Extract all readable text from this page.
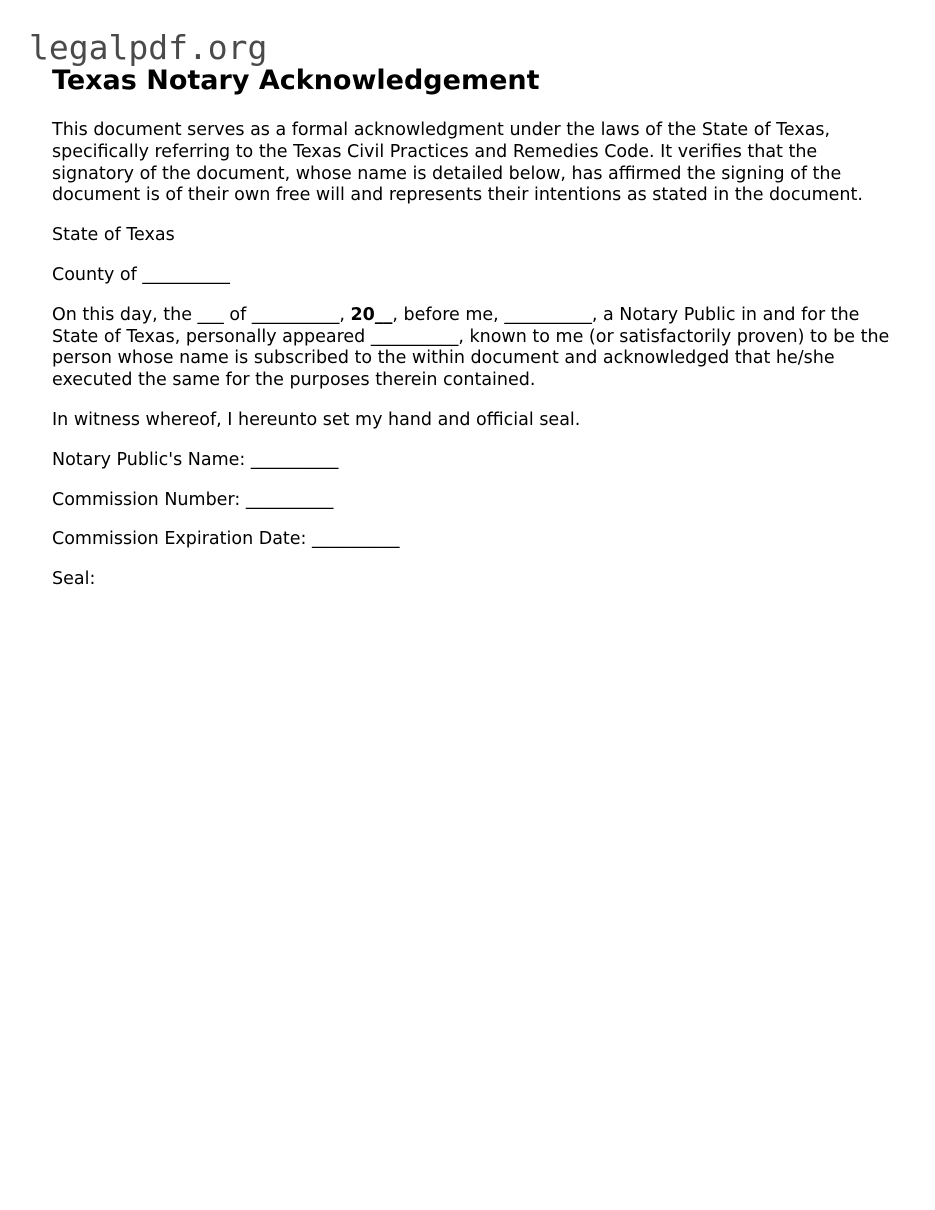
legalpdf.org
Texas Notary Acknowledgement

This document serves as a formal acknowledgment under the laws of the State of Texas, specifically referring to the Texas Civil Practices and Remedies Code. It verifies that the signatory of the document, whose name is detailed below, has affirmed the signing of the document is of their own free will and represents their intentions as stated in the document.

State of Texas

County of __________

On this day, the ___ of __________, 20__, before me, __________, a Notary Public in and for the State of Texas, personally appeared __________, known to me (or satisfactorily proven) to be the person whose name is subscribed to the within document and acknowledged that he/she executed the same for the purposes therein contained.

In witness whereof, I hereunto set my hand and official seal.

Notary Public's Name: __________

Commission Number: __________

Commission Expiration Date: __________

Seal:
